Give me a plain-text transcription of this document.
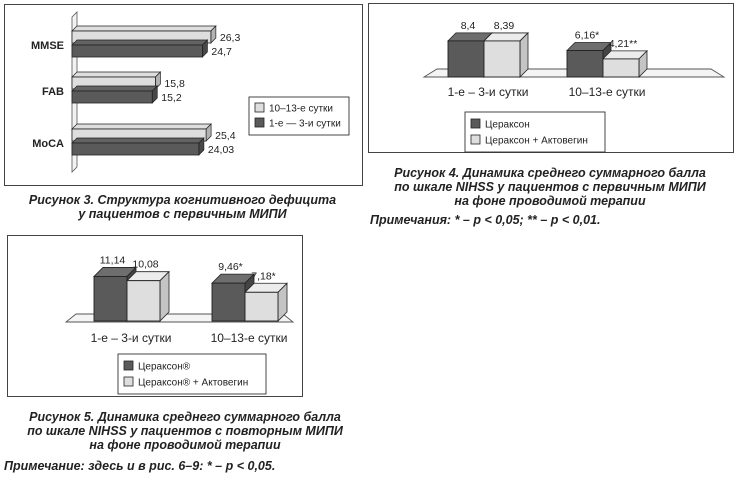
MMSE
26,3
24,7
FAB
15,8
15,2
MoCA
25,4
24,03
10–13-е сутки
1-е — 3-и сутки
Рисунок 3. Структура когнитивного дефицита
у пациентов с первичным МИПИ
8,4 8,39
1-е – 3-и сутки
6,16*
4,21**
10–13-е сутки
Цераксон
Цераксон + Актовегин
Рисунок 4. Динамика среднего суммарного балла
по шкале NIHSS у пациентов с первичным МИПИ
на фоне проводимой терапии
Примечания: * – p < 0,05; ** – p < 0,01.
11,14 10,08
1-е – 3-и сутки
9,46*
7,18*
10–13-е сутки
Цераксон®
Цераксон® + Актовегин
Рисунок 5. Динамика среднего суммарного балла
по шкале NIHSS у пациентов с повторным МИПИ
на фоне проводимой терапии
Примечание: здесь и в рис. 6–9: * – p < 0,05.
